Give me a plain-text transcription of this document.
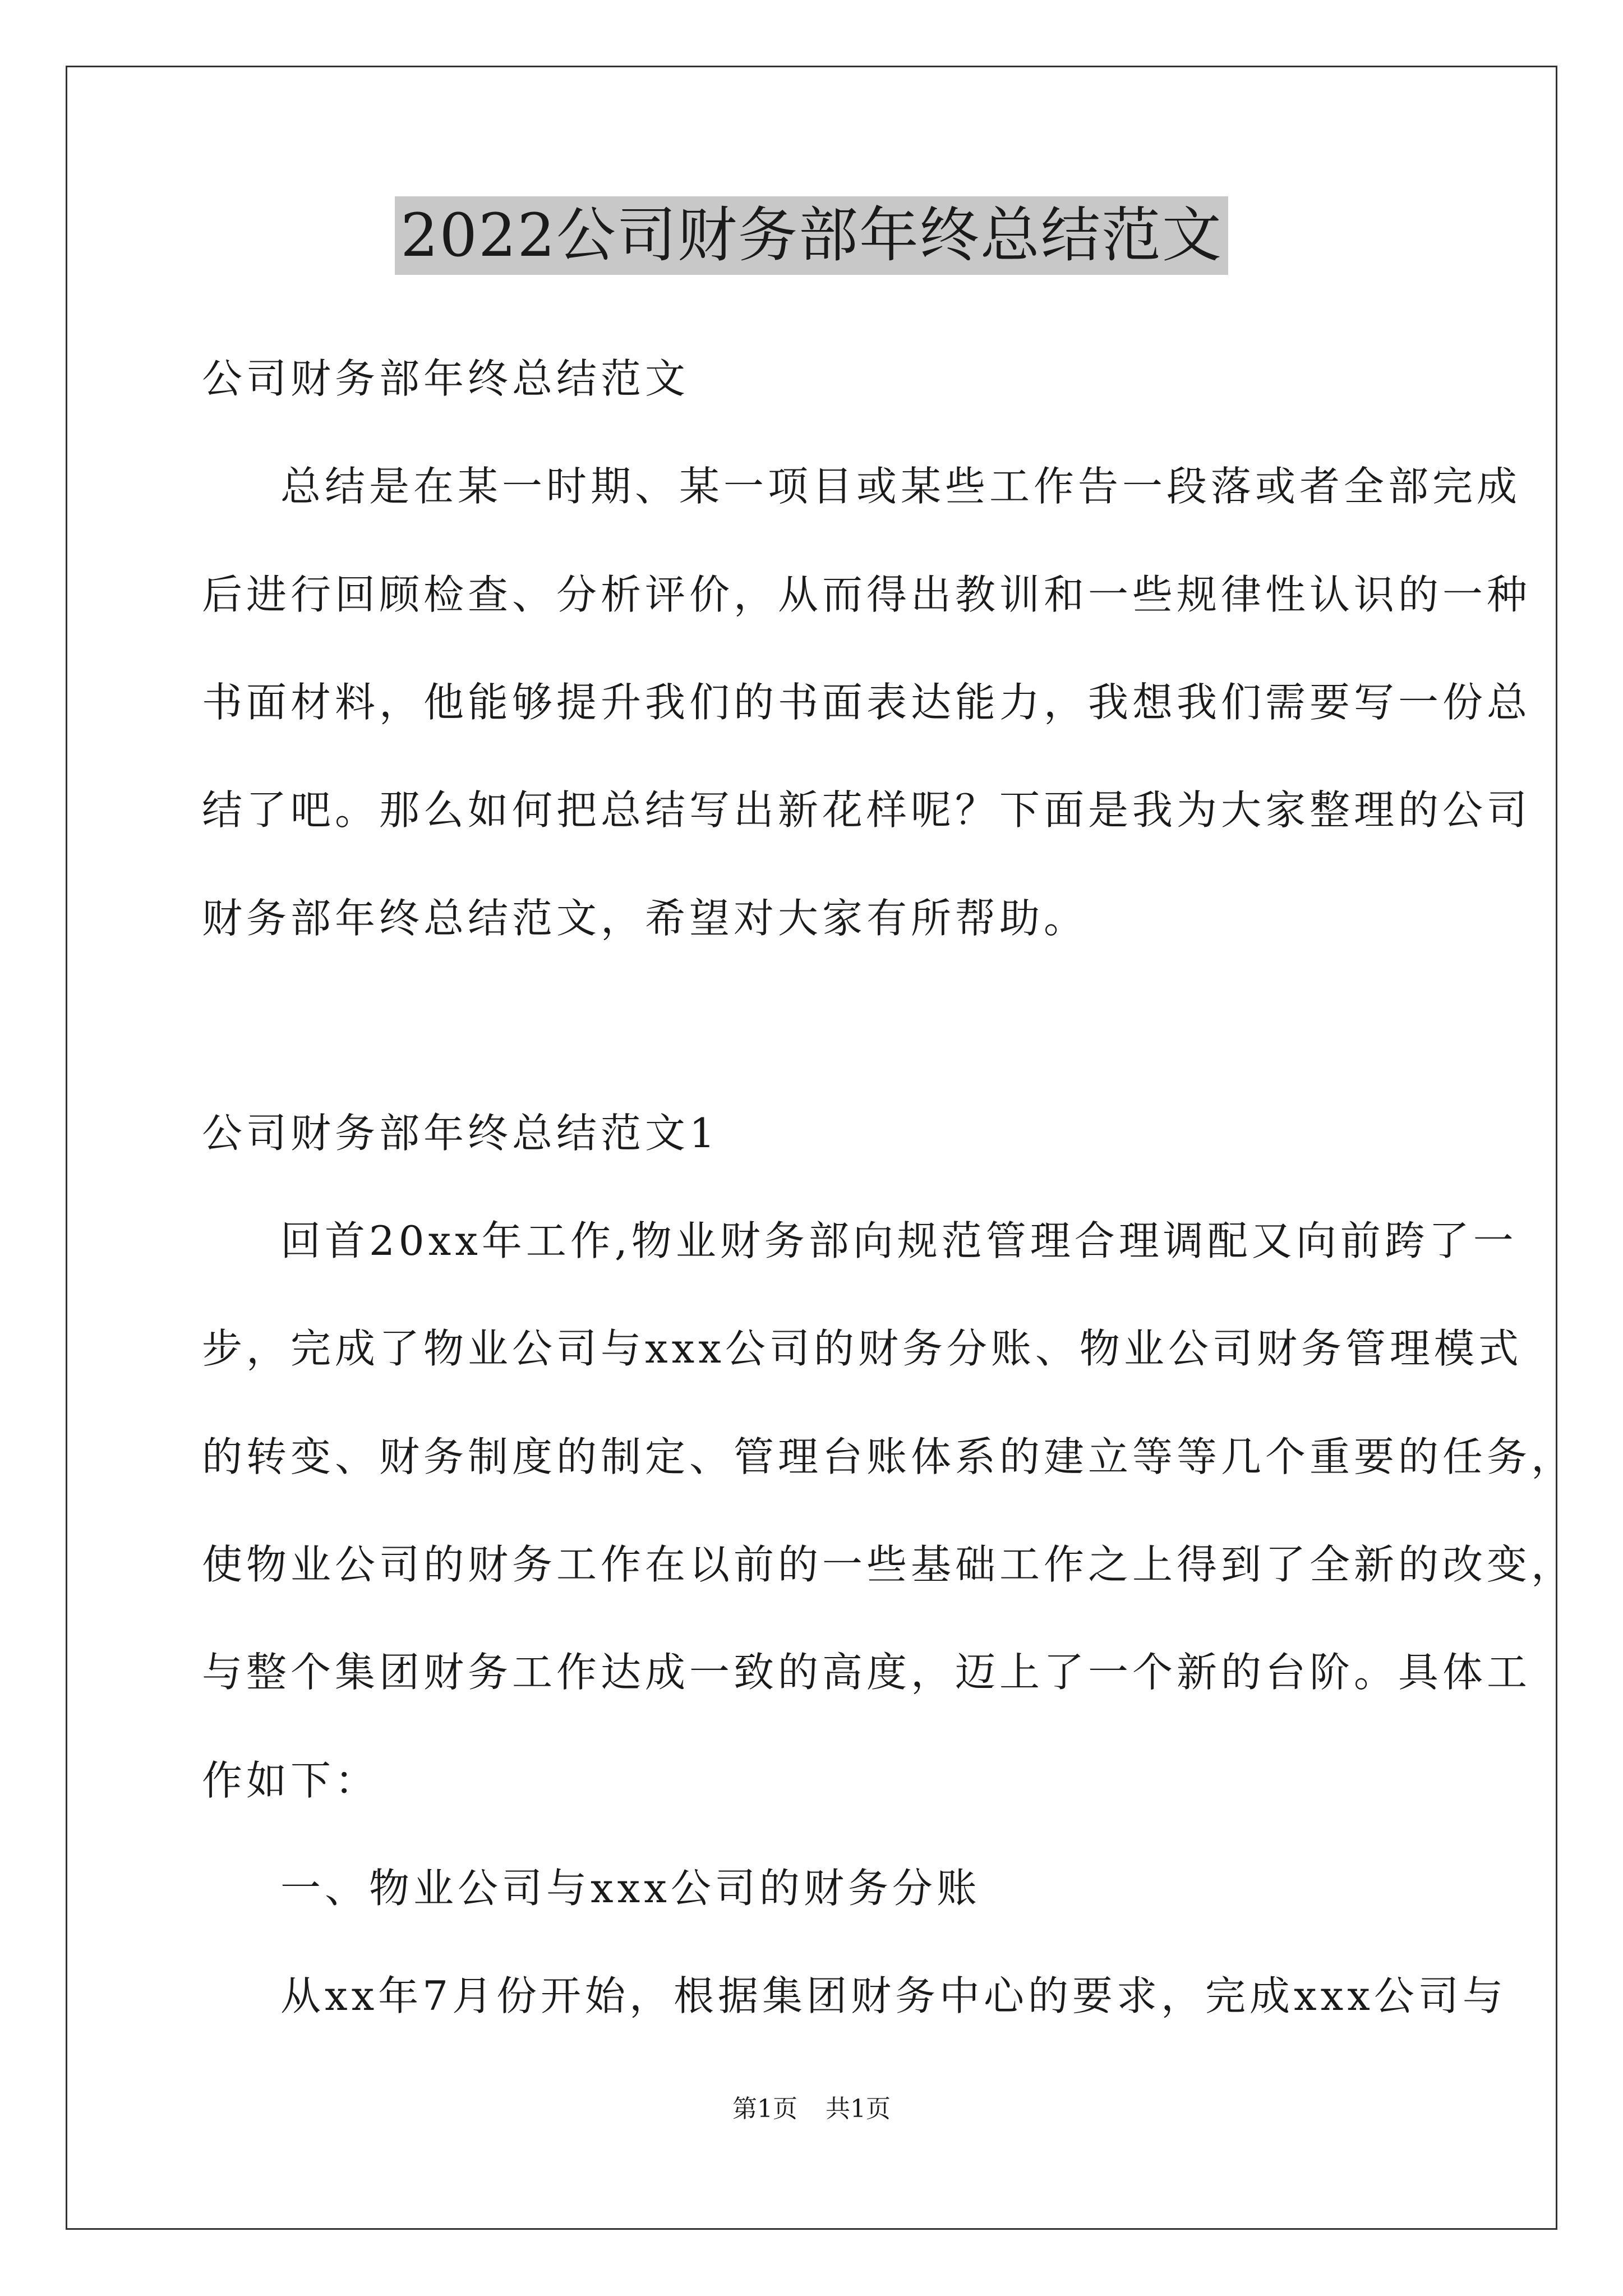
2022公司财务部年终总结范文
公司财务部年终总结范文
总结是在某一时期、某一项目或某些工作告一段落或者全部完成
后进行回顾检查、分析评价，从而得出教训和一些规律性认识的一种
书面材料，他能够提升我们的书面表达能力，我想我们需要写一份总
结了吧。那么如何把总结写出新花样呢？下面是我为大家整理的公司
财务部年终总结范文，希望对大家有所帮助。
公司财务部年终总结范文1
回首20xx年工作,物业财务部向规范管理合理调配又向前跨了一
步，完成了物业公司与xxx公司的财务分账、物业公司财务管理模式
的转变、财务制度的制定、管理台账体系的建立等等几个重要的任务，
使物业公司的财务工作在以前的一些基础工作之上得到了全新的改变，
与整个集团财务工作达成一致的高度，迈上了一个新的台阶。具体工
作如下：
一、物业公司与xxx公司的财务分账
从xx年7月份开始，根据集团财务中心的要求，完成xxx公司与
第1页 共1页
